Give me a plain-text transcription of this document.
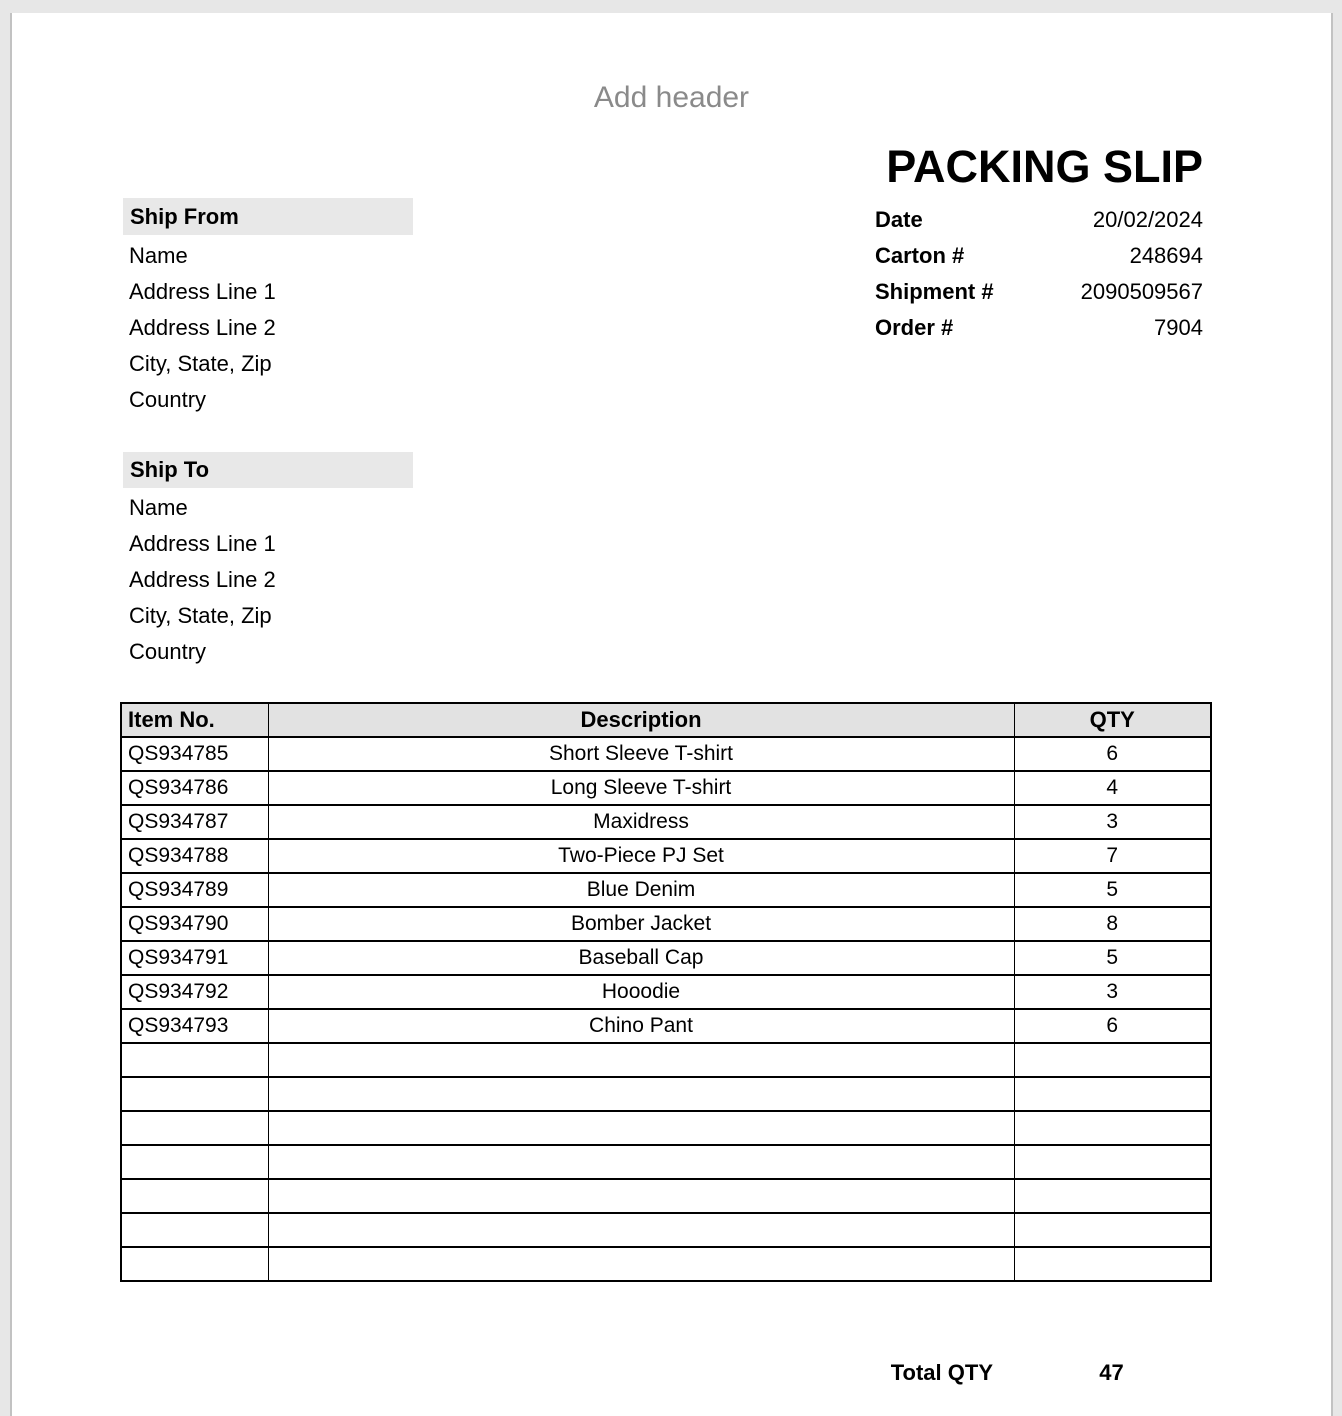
Add header
PACKING SLIP
Date	20/02/2024
Carton #	248694
Shipment #	2090509567
Order #	7904
Ship From
Name
Address Line 1
Address Line 2
City, State, Zip
Country
Ship To
Name
Address Line 1
Address Line 2
City, State, Zip
Country
Item No.	Description	QTY
QS934785	Short Sleeve T-shirt	6
QS934786	Long Sleeve T-shirt	4
QS934787	Maxidress	3
QS934788	Two-Piece PJ Set	7
QS934789	Blue Denim	5
QS934790	Bomber Jacket	8
QS934791	Baseball Cap	5
QS934792	Hooodie	3
QS934793	Chino Pant	6

Total QTY	47
